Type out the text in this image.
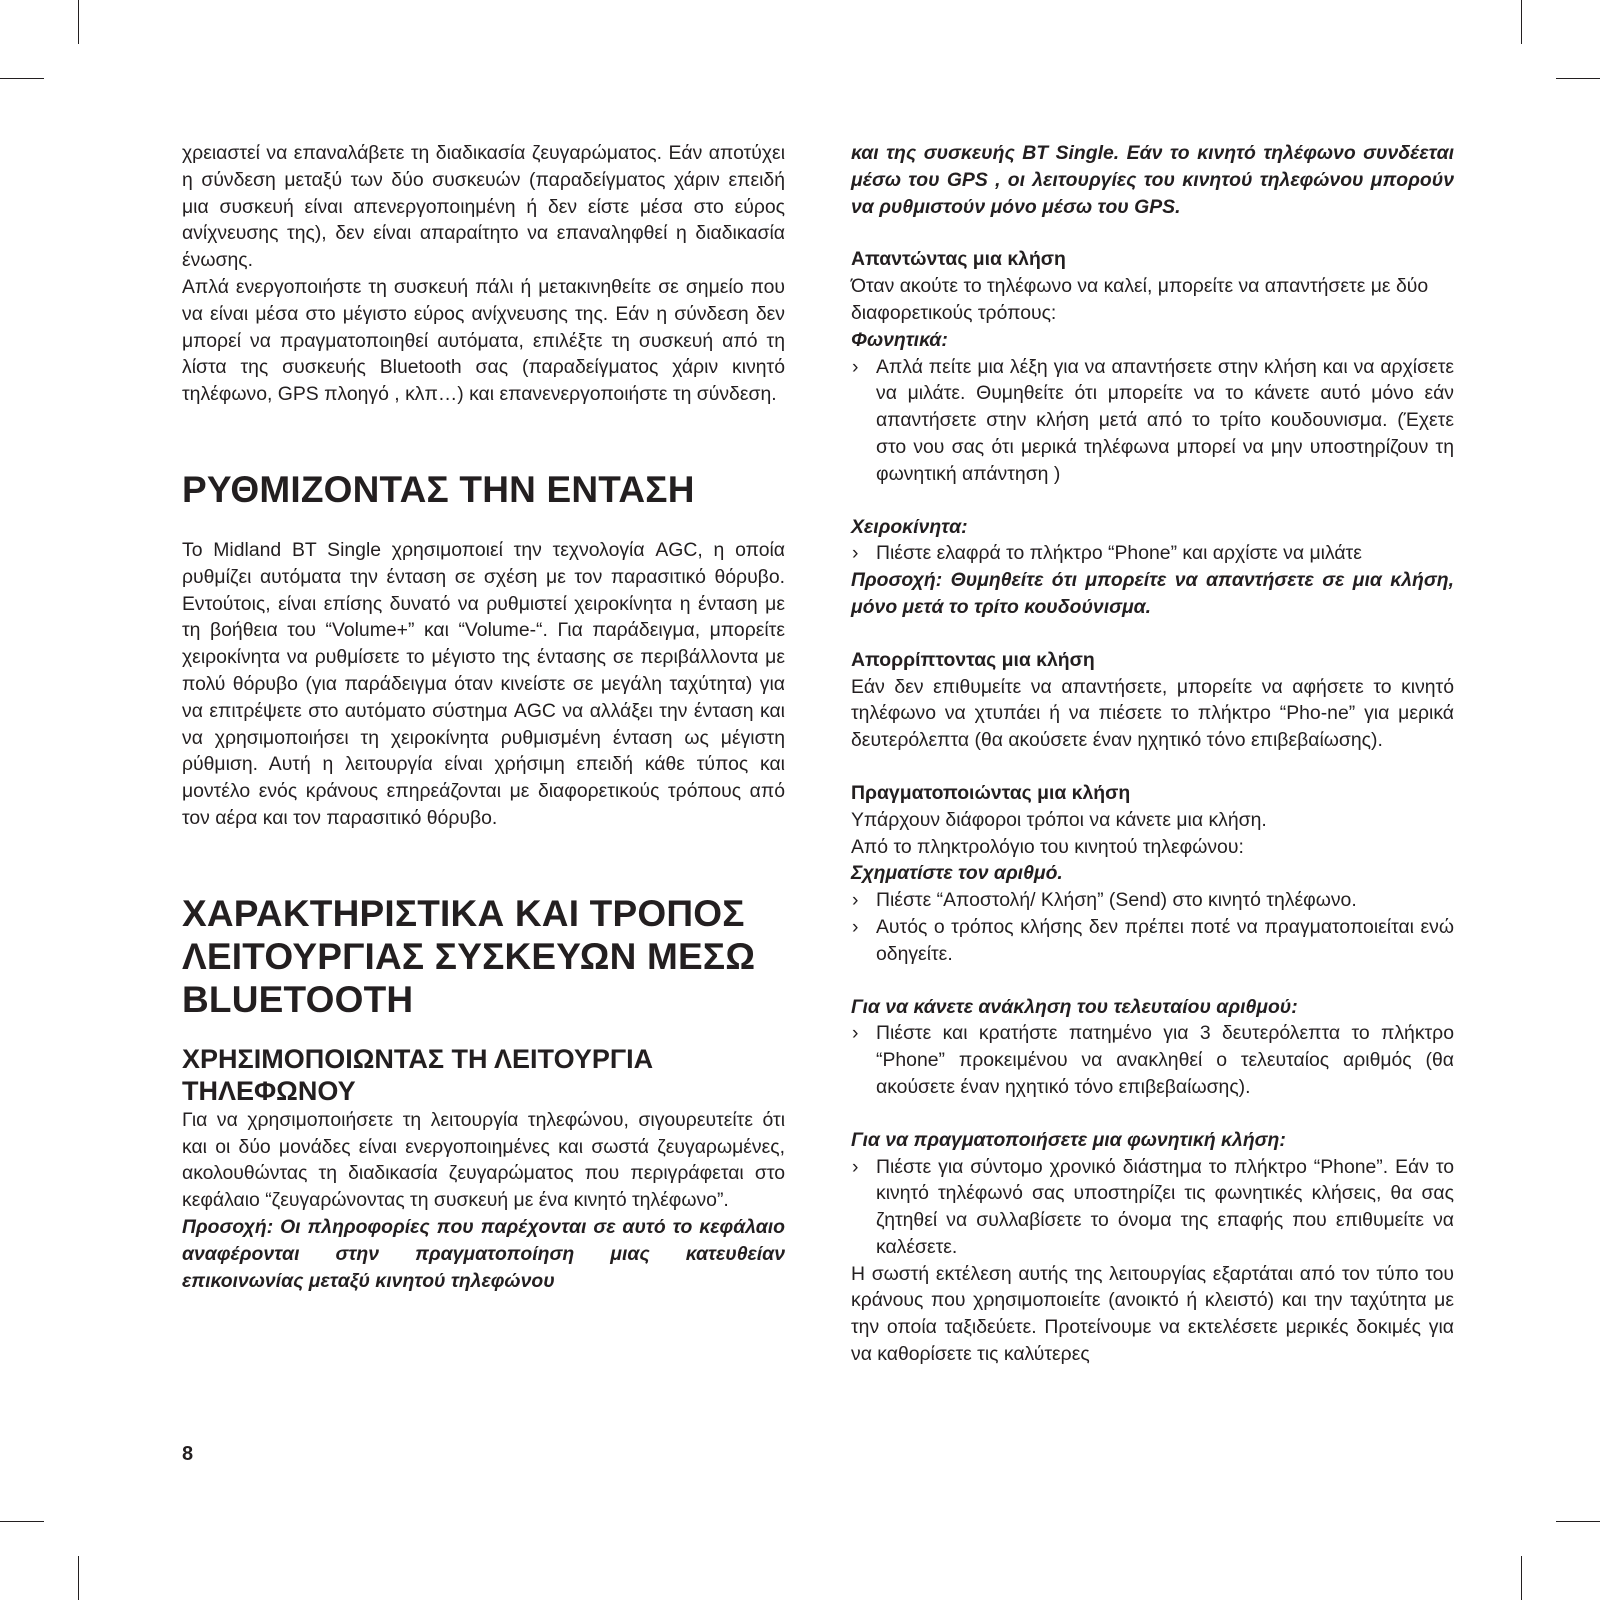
χρειαστεί να επαναλάβετε τη διαδικασία ζευγαρώματος. Εάν αποτύχει η σύνδεση μεταξύ των δύο συσκευών (παραδείγματος χάριν επειδή μια συσκευή είναι απενεργοποιημένη ή δεν είστε μέσα στο εύρος ανίχνευσης της), δεν είναι απαραίτητο να επαναληφθεί η διαδικασία ένωσης.

Απλά ενεργοποιήστε τη συσκευή πάλι ή μετακινηθείτε σε σημείο που να είναι μέσα στο μέγιστο εύρος ανίχνευσης της. Εάν η σύνδεση δεν μπορεί να πραγματοποιηθεί αυτόματα, επιλέξτε τη συσκευή από τη λίστα της συσκευής Bluetooth σας (παραδείγματος χάριν κινητό τηλέφωνο, GPS πλοηγό , κλπ…) και επανενεργοποιήστε τη σύνδεση.

ΡΥΘΜΙΖΟΝΤΑΣ ΤΗΝ ΕΝΤΑΣΗ

Το Midland BT Single χρησιμοποιεί την τεχνολογία AGC, η οποία ρυθμίζει αυτόματα την ένταση σε σχέση με τον παρασιτικό θόρυβο. Εντούτοις, είναι επίσης δυνατό να ρυθμιστεί χειροκίνητα η ένταση με τη βοήθεια του “Volume+” και “Volume-“. Για παράδειγμα, μπορείτε χειροκίνητα να ρυθμίσετε το μέγιστο της έντασης σε περιβάλλοντα με πολύ θόρυβο (για παράδειγμα όταν κινείστε σε μεγάλη ταχύτητα) για να επιτρέψετε στο αυτόματο σύστημα AGC να αλλάξει την ένταση και να χρησιμοποιήσει τη χειροκίνητα ρυθμισμένη ένταση ως μέγιστη ρύθμιση. Αυτή η λειτουργία είναι χρήσιμη επειδή κάθε τύπος και μοντέλο ενός κράνους επηρεάζονται με διαφορετικούς τρόπους από τον αέρα και τον παρασιτικό θόρυβο.

ΧΑΡΑΚΤΗΡΙΣΤΙΚΑ ΚΑΙ ΤΡΟΠΟΣ
ΛΕΙΤΟΥΡΓΙΑΣ ΣΥΣΚΕΥΩΝ ΜΕΣΩ
BLUETOOTH
ΧΡΗΣΙΜΟΠΟΙΩΝΤΑΣ ΤΗ ΛΕΙΤΟΥΡΓΙΑ
ΤΗΛΕΦΩΝΟΥ

Για να χρησιμοποιήσετε τη λειτουργία τηλεφώνου, σιγουρευτείτε ότι και οι δύο μονάδες είναι ενεργοποιημένες και σωστά ζευγαρωμένες, ακολουθώντας τη διαδικασία ζευγαρώματος που περιγράφεται στο κεφάλαιο “ζευγαρώνοντας τη συσκευή με ένα κινητό τηλέφωνο”.

Προσοχή: Οι πληροφορίες που παρέχονται σε αυτό το κεφάλαιο αναφέρονται στην πραγματοποίηση μιας κατευθείαν επικοινωνίας μεταξύ κινητού τηλεφώνου

και της συσκευής BT Single. Εάν το κινητό τηλέφωνο συνδέεται μέσω του GPS , οι λειτουργίες του κινητού τηλεφώνου μπορούν να ρυθμιστούν μόνο μέσω του GPS.

Απαντώντας μια κλήση

Όταν ακούτε το τηλέφωνο να καλεί, μπορείτε να απαντήσετε με δύο διαφορετικούς τρόπους:

Φωνητικά:

› Απλά πείτε μια λέξη για να απαντήσετε στην κλήση και να αρχίσετε να μιλάτε. Θυμηθείτε ότι μπορείτε να το κάνετε αυτό μόνο εάν απαντήσετε στην κλήση μετά από το τρίτο κουδουνισμα. (Έχετε στο νου σας ότι μερικά τηλέφωνα μπορεί να μην υποστηρίζουν τη φωνητική απάντηση )

Χειροκίνητα:

› Πιέστε ελαφρά το πλήκτρο “Phone” και αρχίστε να μιλάτε

Προσοχή: Θυμηθείτε ότι μπορείτε να απαντήσετε σε μια κλήση, μόνο μετά το τρίτο κουδούνισμα.

Απορρίπτοντας μια κλήση

Εάν δεν επιθυμείτε να απαντήσετε, μπορείτε να αφήσετε το κινητό τηλέφωνο να χτυπάει ή να πιέσετε το πλήκτρο “Pho-ne” για μερικά δευτερόλεπτα (θα ακούσετε έναν ηχητικό τόνο επιβεβαίωσης).

Πραγματοποιώντας μια κλήση

Υπάρχουν διάφοροι τρόποι να κάνετε μια κλήση.

Από το πληκτρολόγιο του κινητού τηλεφώνου:

Σχηματίστε τον αριθμό.

› Πιέστε “Αποστολή/ Κλήση” (Send) στο κινητό τηλέφωνο.
› Αυτός ο τρόπος κλήσης δεν πρέπει ποτέ να πραγματοποιείται ενώ οδηγείτε.

Για να κάνετε ανάκληση του τελευταίου αριθμού:

› Πιέστε και κρατήστε πατημένο για 3 δευτερόλεπτα το πλήκτρο “Phone” προκειμένου να ανακληθεί ο τελευταίος αριθμός (θα ακούσετε έναν ηχητικό τόνο επιβεβαίωσης).

Για να πραγματοποιήσετε μια φωνητική κλήση:

› Πιέστε για σύντομο χρονικό διάστημα το πλήκτρο “Phone”. Εάν το κινητό τηλέφωνό σας υποστηρίζει τις φωνητικές κλήσεις, θα σας ζητηθεί να συλλαβίσετε το όνομα της επαφής που επιθυμείτε να καλέσετε.

Η σωστή εκτέλεση αυτής της λειτουργίας εξαρτάται από τον τύπο του κράνους που χρησιμοποιείτε (ανοικτό ή κλειστό) και την ταχύτητα με την οποία ταξιδεύετε. Προτείνουμε να εκτελέσετε μερικές δοκιμές για να καθορίσετε τις καλύτερες

8
